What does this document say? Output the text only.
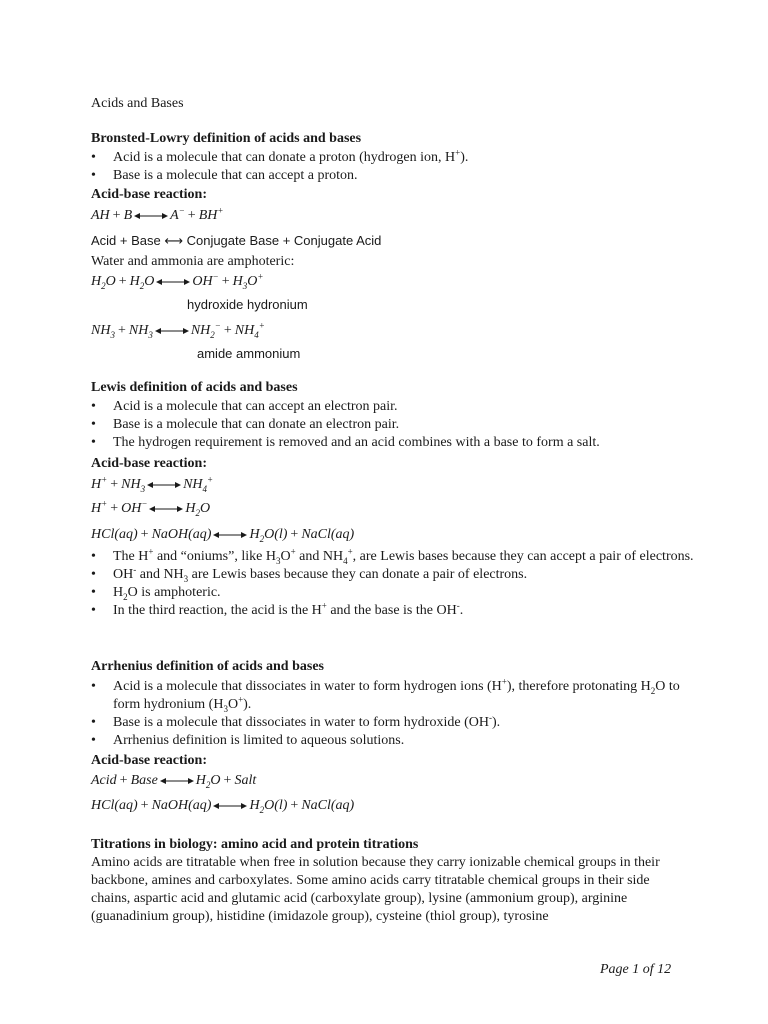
Acids and Bases
Bronsted-Lowry definition of acids and bases
• Acid is a molecule that can donate a proton (hydrogen ion, H+).
• Base is a molecule that can accept a proton.
Acid-base reaction:
AH + B	A− + BH+
Acid + Base ⟷ Conjugate Base + Conjugate Acid
Water and ammonia are amphoteric:
$H_2O + H_2O$	$OH^- + H_3O^+$
hydroxide hydronium
$NH_3 + NH_3$	$NH_2^- + NH_4^+$
amide ammonium
Lewis definition of acids and bases
• Acid is a molecule that can accept an electron pair.
• Base is a molecule that can donate an electron pair.
• The hydrogen requirement is removed and an acid combines with a base to form a salt.
Acid-base reaction:
$H^+ + NH_3$	$NH_4^+$
H+ + OH−	$H_2O$
HCl(aq) + NaOH(aq)	$H_2O(l)$ + NaCl(aq)
• The H+ and “oniums”, like $H_3O^+$ and $NH_4^+$, are Lewis bases because they can accept a pair of electrons.
• OH- and $NH_3$ are Lewis bases because they can donate a pair of electrons.
• $H_2O$ is amphoteric.
• In the third reaction, the acid is the H+ and the base is the OH-.
Arrhenius definition of acids and bases
• Acid is a molecule that dissociates in water to form hydrogen ions (H+), therefore protonating $H_2O$ to form hydronium $(H_3O^+)$.
• Base is a molecule that dissociates in water to form hydroxide (OH-).
• Arrhenius definition is limited to aqueous solutions.
Acid-base reaction:
Acid + Base	$H_2O$ + Salt
HCl(aq) + NaOH(aq)	$H_2O(l)$ + NaCl(aq)
Titrations in biology: amino acid and protein titrations
Amino acids are titratable when free in solution because they carry ionizable chemical groups in their backbone, amines and carboxylates. Some amino acids carry titratable chemical groups in their side chains, aspartic acid and glutamic acid (carboxylate group), lysine (ammonium group), arginine (guanadinium group), histidine (imidazole group), cysteine (thiol group), tyrosine
Page 1 of 12
